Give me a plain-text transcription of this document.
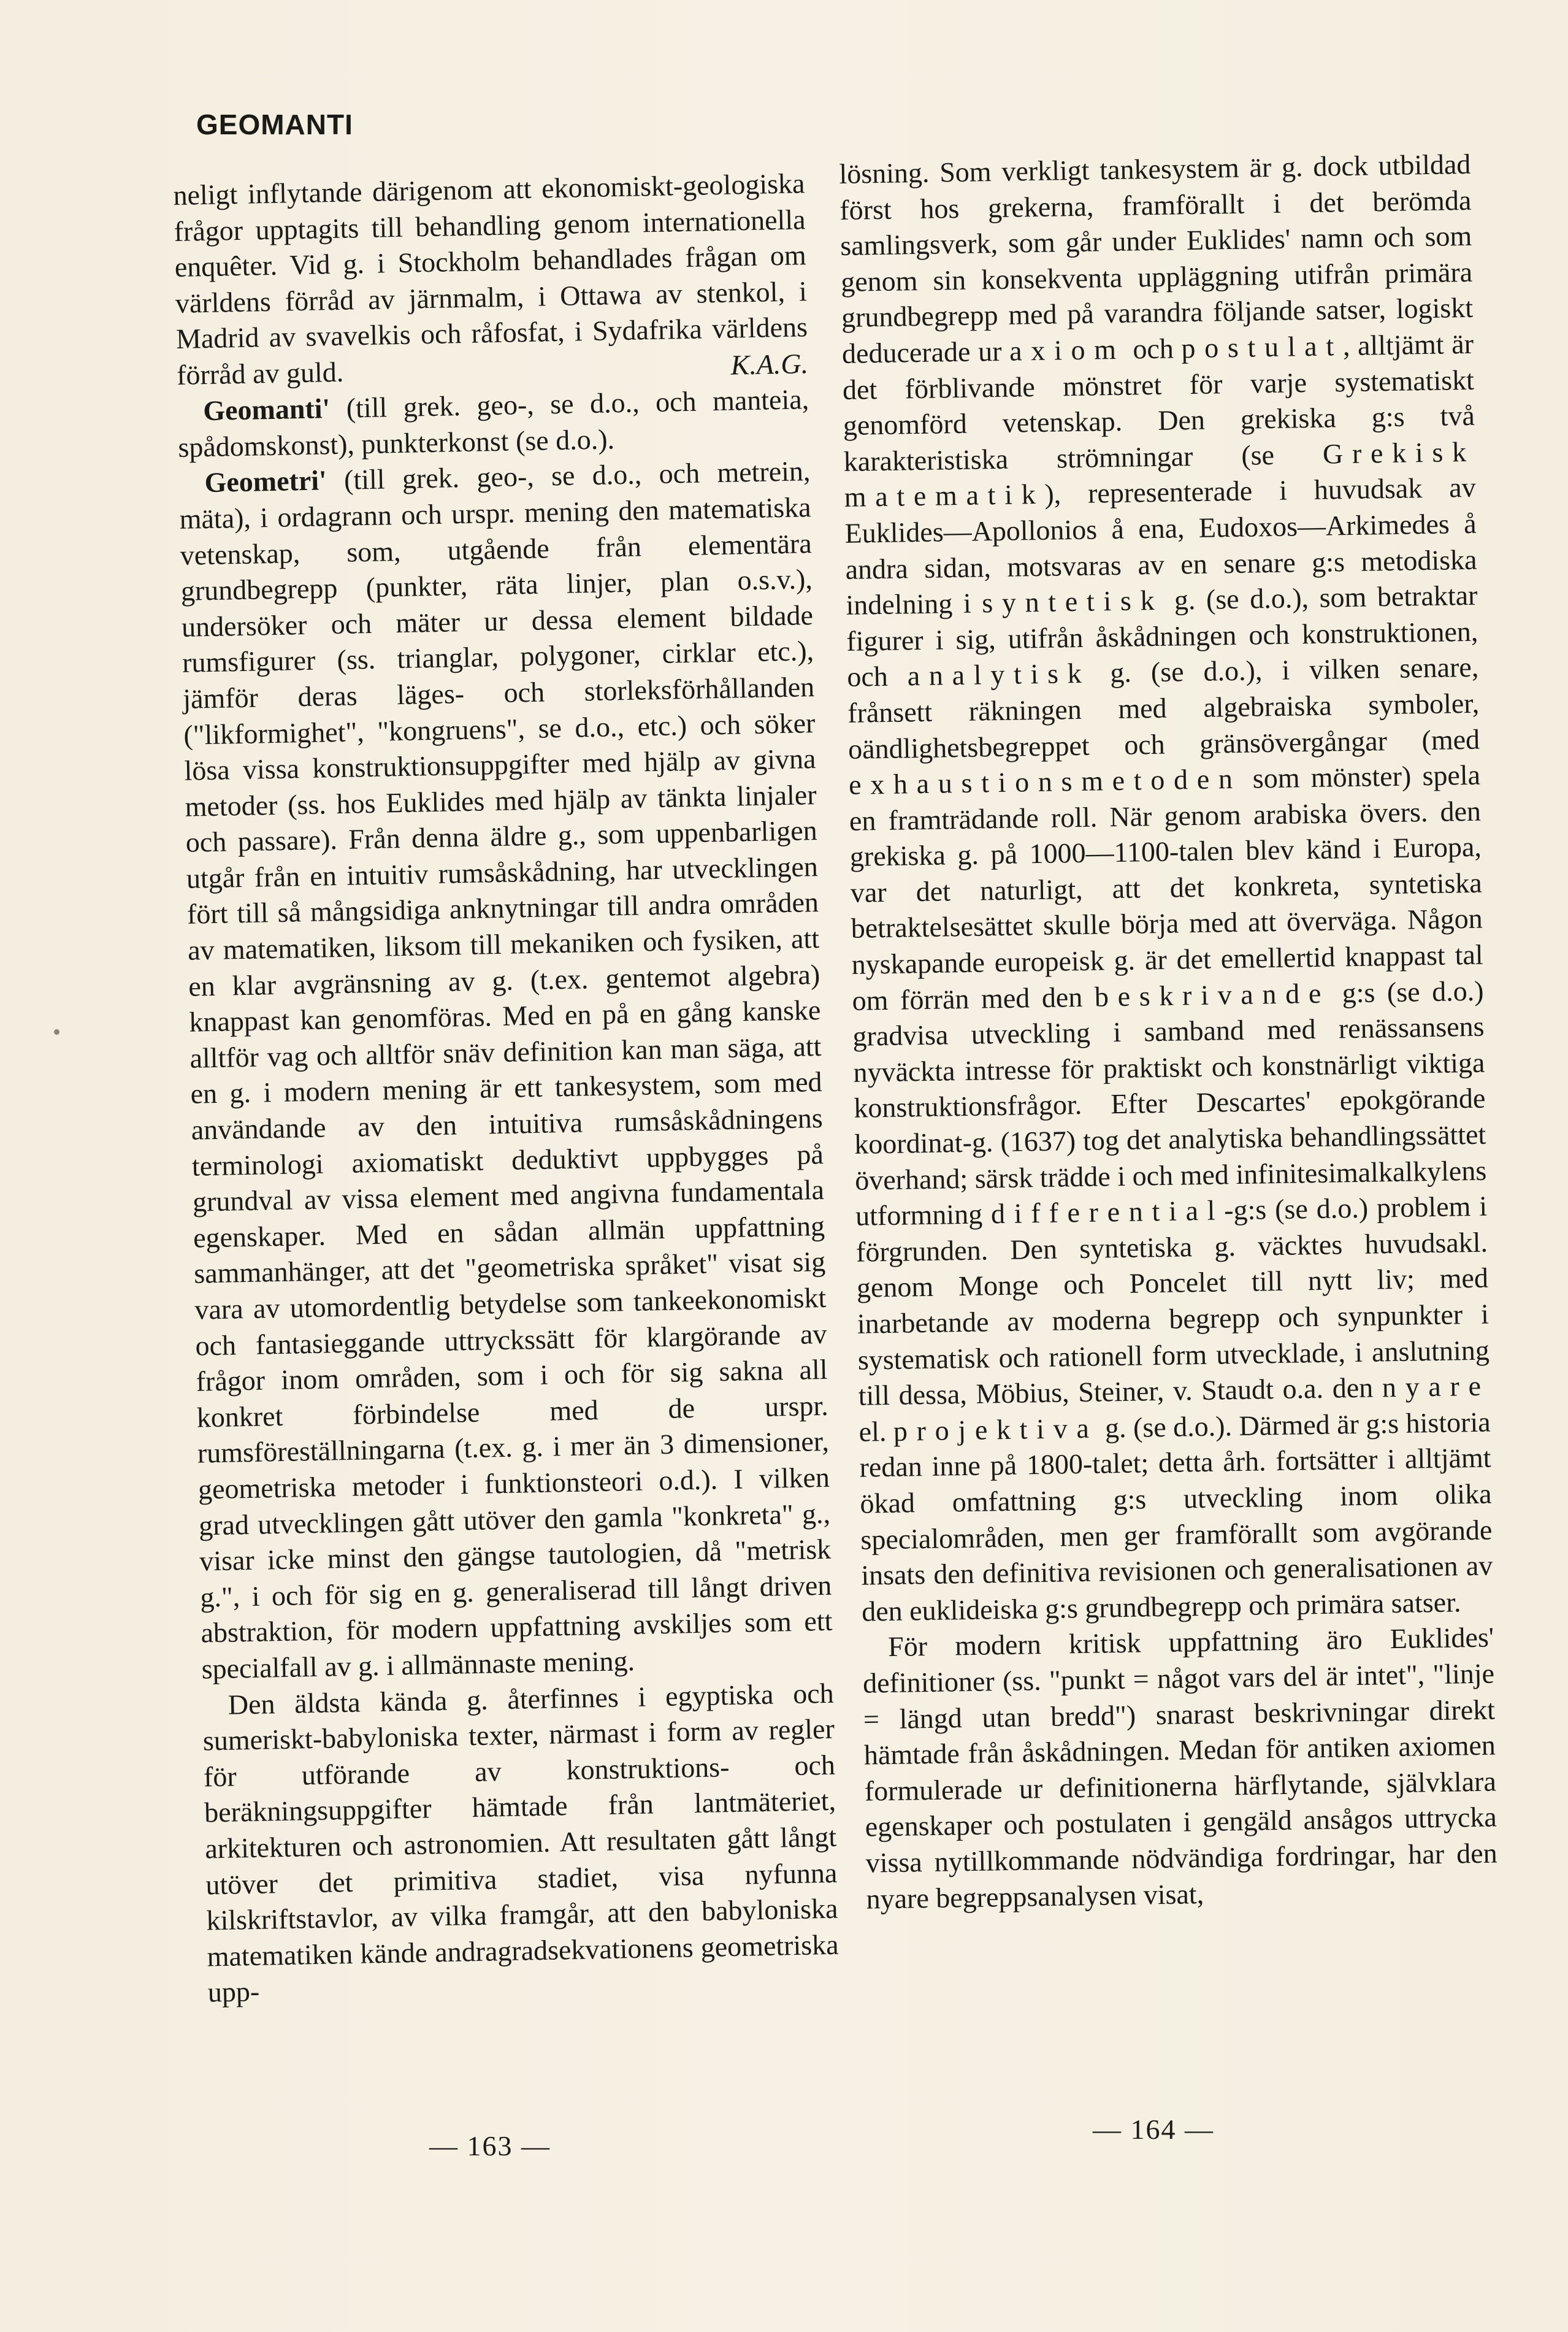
GEOMANTI

neligt inflytande därigenom att ekonomiskt-geologiska frågor upptagits till behandling genom internationella enquêter. Vid g. i Stockholm behandlades frågan om världens förråd av järnmalm, i Ottawa av stenkol, i Madrid av svavelkis och råfosfat, i Sydafrika världens förråd av guld.	K.A.G.

Geomanti' (till grek. geo-, se d.o., och manteia, spådomskonst), punkterkonst (se d.o.).

Geometri' (till grek. geo-, se d.o., och metrein, mäta), i ordagrann och urspr. mening den matematiska vetenskap, som, utgående från elementära grundbegrepp (punkter, räta linjer, plan o.s.v.), undersöker och mäter ur dessa element bildade rumsfigurer (ss. trianglar, polygoner, cirklar etc.), jämför deras läges- och storleksförhållanden ("likformighet", "kongruens", se d.o., etc.) och söker lösa vissa konstruktionsuppgifter med hjälp av givna metoder (ss. hos Euklides med hjälp av tänkta linjaler och passare). Från denna äldre g., som uppenbarligen utgår från en intuitiv rumsåskådning, har utvecklingen fört till så mångsidiga anknytningar till andra områden av matematiken, liksom till mekaniken och fysiken, att en klar avgränsning av g. (t.ex. gentemot algebra) knappast kan genomföras. Med en på en gång kanske alltför vag och alltför snäv definition kan man säga, att en g. i modern mening är ett tankesystem, som med användande av den intuitiva rumsåskådningens terminologi axiomatiskt deduktivt uppbygges på grundval av vissa element med angivna fundamentala egenskaper. Med en sådan allmän uppfattning sammanhänger, att det "geometriska språket" visat sig vara av utomordentlig betydelse som tankeekonomiskt och fantasieggande uttryckssätt för klargörande av frågor inom områden, som i och för sig sakna all konkret förbindelse med de urspr. rumsföreställningarna (t.ex. g. i mer än 3 dimensioner, geometriska metoder i funktionsteori o.d.). I vilken grad utvecklingen gått utöver den gamla "konkreta" g., visar icke minst den gängse tautologien, då "metrisk g.", i och för sig en g. generaliserad till långt driven abstraktion, för modern uppfattning avskiljes som ett specialfall av g. i allmännaste mening.

Den äldsta kända g. återfinnes i egyptiska och sumeriskt-babyloniska texter, närmast i form av regler för utförande av konstruktions- och beräkningsuppgifter hämtade från lantmäteriet, arkitekturen och astronomien. Att resultaten gått långt utöver det primitiva stadiet, visa nyfunna kilskriftstavlor, av vilka framgår, att den babyloniska matematiken kände andragradsekvationens geometriska upp-

lösning. Som verkligt tankesystem är g. dock utbildad först hos grekerna, framförallt i det berömda samlingsverk, som går under Euklides' namn och som genom sin konsekventa uppläggning utifrån primära grundbegrepp med på varandra följande satser, logiskt deducerade ur axiom och postulat, alltjämt är det förblivande mönstret för varje systematiskt genomförd vetenskap. Den grekiska g:s två karakteristiska strömningar (se Grekisk matematik), representerade i huvudsak av Euklides—Apollonios å ena, Eudoxos—Arkimedes å andra sidan, motsvaras av en senare g:s metodiska indelning i syntetisk g. (se d.o.), som betraktar figurer i sig, utifrån åskådningen och konstruktionen, och analytisk g. (se d.o.), i vilken senare, frånsett räkningen med algebraiska symboler, oändlighetsbegreppet och gränsövergångar (med exhaustionsmetoden som mönster) spela en framträdande roll. När genom arabiska övers. den grekiska g. på 1000—1100-talen blev känd i Europa, var det naturligt, att det konkreta, syntetiska betraktelsesättet skulle börja med att överväga. Någon nyskapande europeisk g. är det emellertid knappast tal om förrän med den beskrivande g:s (se d.o.) gradvisa utveckling i samband med renässansens nyväckta intresse för praktiskt och konstnärligt viktiga konstruktionsfrågor. Efter Descartes' epokgörande koordinat-g. (1637) tog det analytiska behandlingssättet överhand; särsk trädde i och med infinitesimalkalkylens utformning differential-g:s (se d.o.) problem i förgrunden. Den syntetiska g. väcktes huvudsakl. genom Monge och Poncelet till nytt liv; med inarbetande av moderna begrepp och synpunkter i systematisk och rationell form utvecklade, i anslutning till dessa, Möbius, Steiner, v. Staudt o.a. den nyare el. projektiva g. (se d.o.). Därmed är g:s historia redan inne på 1800-talet; detta årh. fortsätter i alltjämt ökad omfattning g:s utveckling inom olika specialområden, men ger framförallt som avgörande insats den definitiva revisionen och generalisationen av den euklideiska g:s grundbegrepp och primära satser.

För modern kritisk uppfattning äro Euklides' definitioner (ss. "punkt = något vars del är intet", "linje = längd utan bredd") snarast beskrivningar direkt hämtade från åskådningen. Medan för antiken axiomen formulerade ur definitionerna härflytande, självklara egenskaper och postulaten i gengäld ansågos uttrycka vissa nytillkommande nödvändiga fordringar, har den nyare begreppsanalysen visat,

— 163 —
— 164 —
